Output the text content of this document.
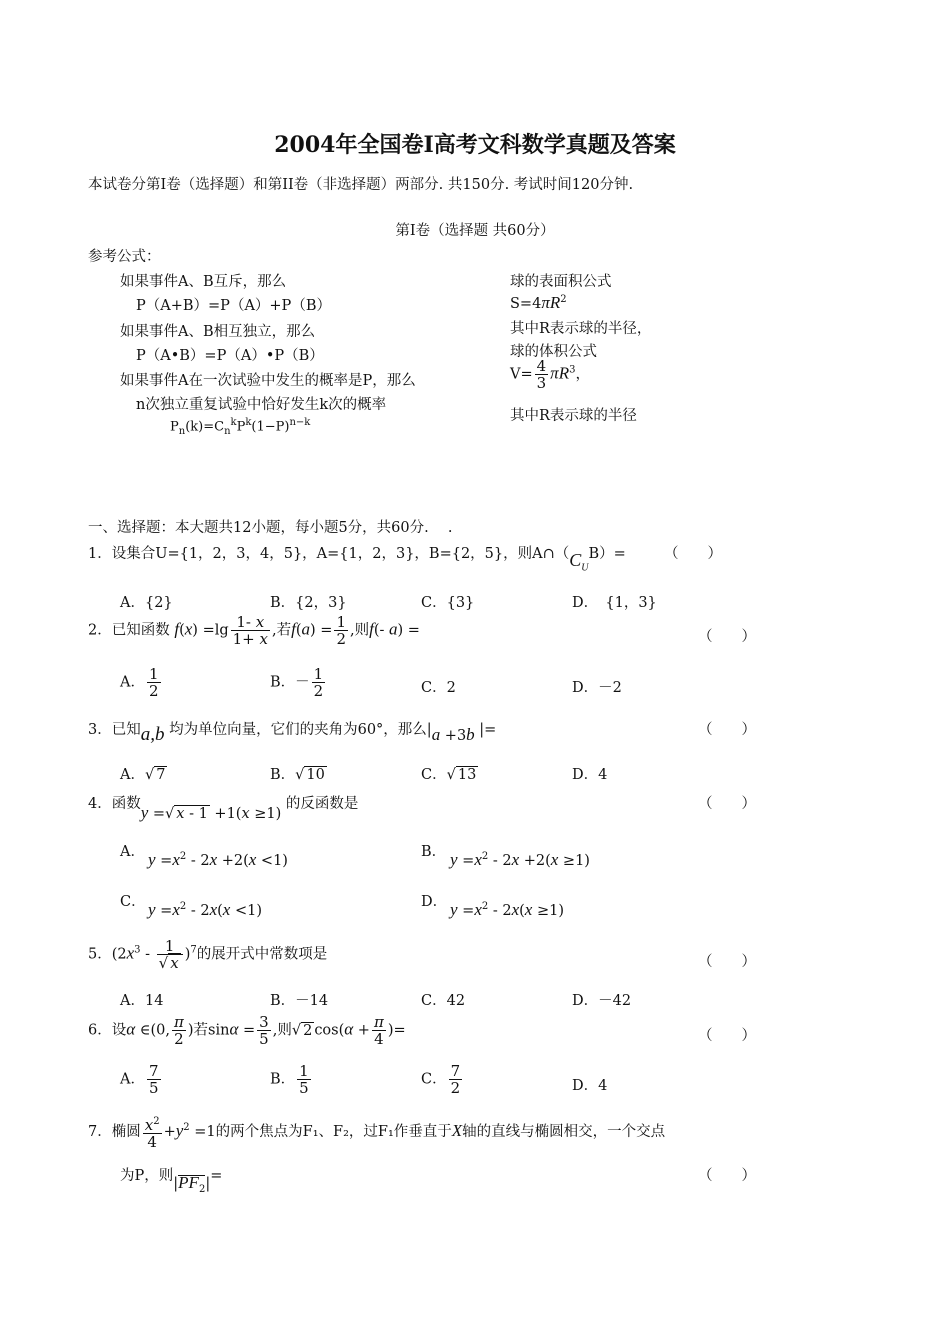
2004年全国卷Ⅰ高考文科数学真题及答案
本试卷分第Ⅰ卷（选择题）和第II卷（非选择题）两部分. 共150分. 考试时间120分钟.
第Ⅰ卷（选择题 共60分）
参考公式：
如果事件A、B互斥，那么
P（A+B）=P（A）+P（B）
如果事件A、B相互独立，那么
P（A•B）=P（A）•P（B）
如果事件A在一次试验中发生的概率是P，那么
n次独立重复试验中恰好发生k次的概率
$P_n(k)=C_n^kP^k(1-P)^{n-k}$
球的表面积公式
$S=4\pi R^2$
其中R表示球的半径，
球的体积公式
$V= \frac{4}{3} \pi R^3$，
其中R表示球的半径
一、选择题：本大题共12小题，每小题5分，共60分.　 .
1．设集合U={1，2，3，4，5}，A={1，2，3}，B={2，5}，则$A\cap(C_UB)=$	（　　）
A．{2}	B．{2，3}	C．{3}	D．　{1，3}
2．已知函数 $f(x) =\lg \frac{1- x}{1+ x}$ ,若$f(a) = \frac{1}{2}$ ,则f(- a) =	（　　）
A． $\frac{1}{2}$	B．－ $\frac{1}{2}$	C．2	D．－2
3．已知a,b 均为单位向量，它们的夹角为60°，那么|a +3b |=	（　　）
A．√ 7	B．√ 10	C．√ 13	D．4
4．函数y =√ x - 1 +1(x ≥1) 的反函数是	（　　）
A． $y =x^2 - 2x +2(x <1)$
B． $y =x^2 - 2x +2(x \ge 1)$
C． $y =x^2 - 2x(x <1)$
D． $y =x^2 - 2x(x \ge 1)$
5．$(2x^3 - \frac{1}{√ x} )^7$的展开式中常数项是	（　　）
A．14	B．－14	C．42	D．－42
6．设α ∈(0, $\frac{\pi}{2}$ )若$\sin\alpha = \frac{3}{5}$ ,则√ 2 $\cos(\alpha + \frac{\pi}{4}$ )=	（　　）
A． $\frac{7}{5}$	B． $\frac{1}{5}$	C． $\frac{7}{2}$	D．4
7．椭圆 $\frac{x^2}{4} +y^2 =1$的两个焦点为F₁、F₂，过F₁作垂直于X轴的直线与椭圆相交，一个交点
为P，则$|PF_2|=$	（　　）
